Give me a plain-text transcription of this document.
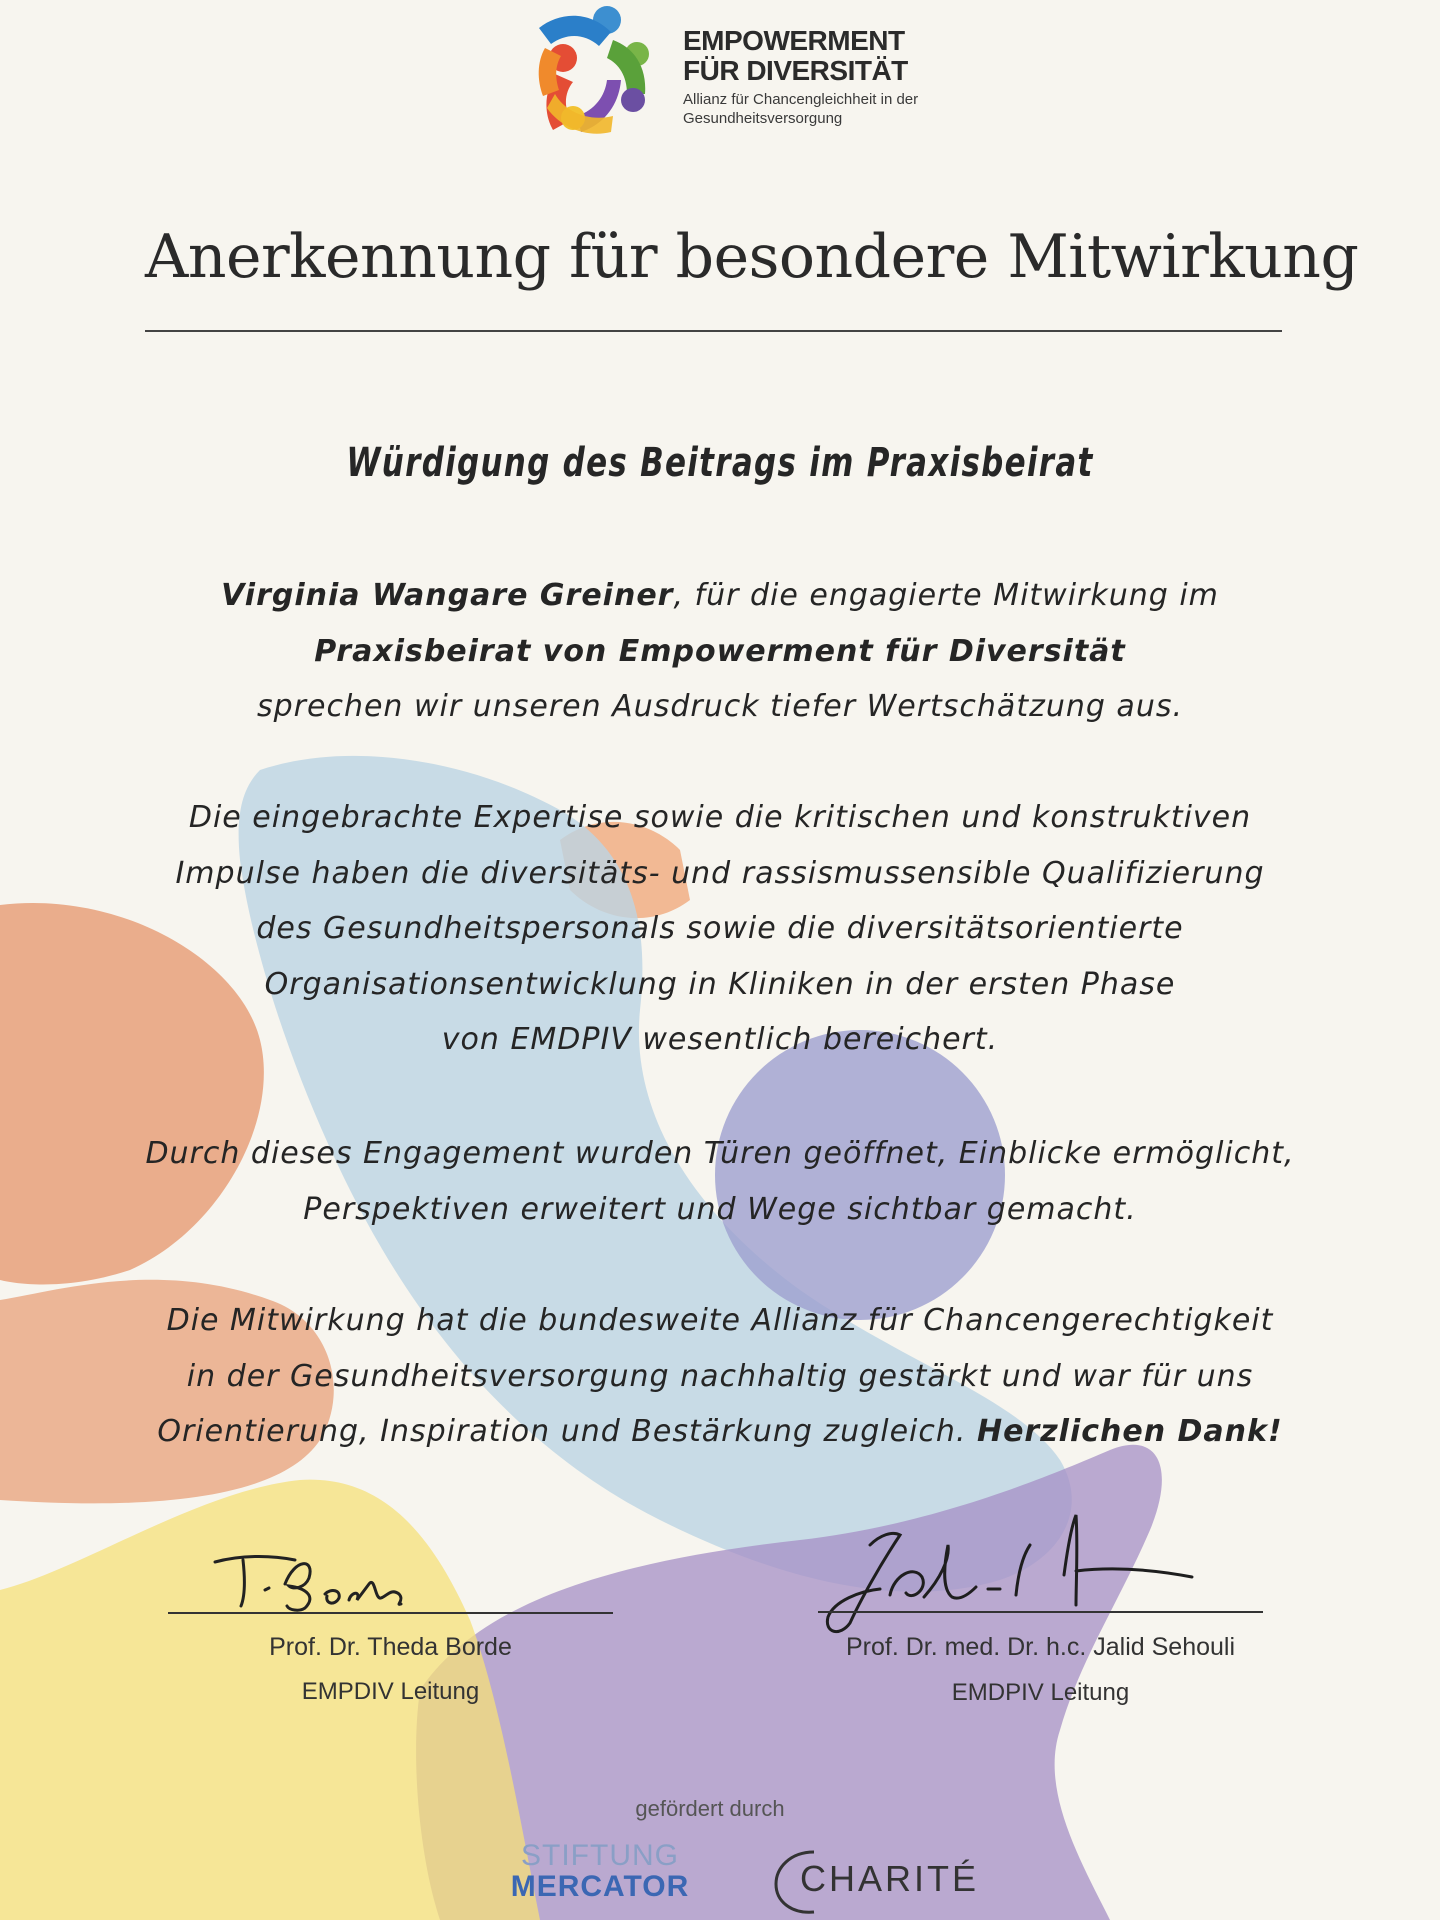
EMPOWERMENT
FÜR DIVERSITÄT
Allianz für Chancengleichheit in der Gesundheitsversorgung
Anerkennung für besondere Mitwirkung
Würdigung des Beitrags im Praxisbeirat
Virginia Wangare Greiner, für die engagierte Mitwirkung im
Praxisbeirat von Empowerment für Diversität
sprechen wir unseren Ausdruck tiefer Wertschätzung aus.
Die eingebrachte Expertise sowie die kritischen und konstruktiven
Impulse haben die diversitäts- und rassismussensible Qualifizierung
des Gesundheitspersonals sowie die diversitätsorientierte
Organisationsentwicklung in Kliniken in der ersten Phase
von EMDPIV wesentlich bereichert.
Durch dieses Engagement wurden Türen geöffnet, Einblicke ermöglicht,
Perspektiven erweitert und Wege sichtbar gemacht.
Die Mitwirkung hat die bundesweite Allianz für Chancengerechtigkeit
in der Gesundheitsversorgung nachhaltig gestärkt und war für uns
Orientierung, Inspiration und Bestärkung zugleich. Herzlichen Dank!
Prof. Dr. Theda Borde
EMPDIV Leitung
Prof. Dr. med. Dr. h.c. Jalid Sehouli
EMDPIV Leitung
gefördert durch
STIFTUNG
MERCATOR	CHARITÉ
